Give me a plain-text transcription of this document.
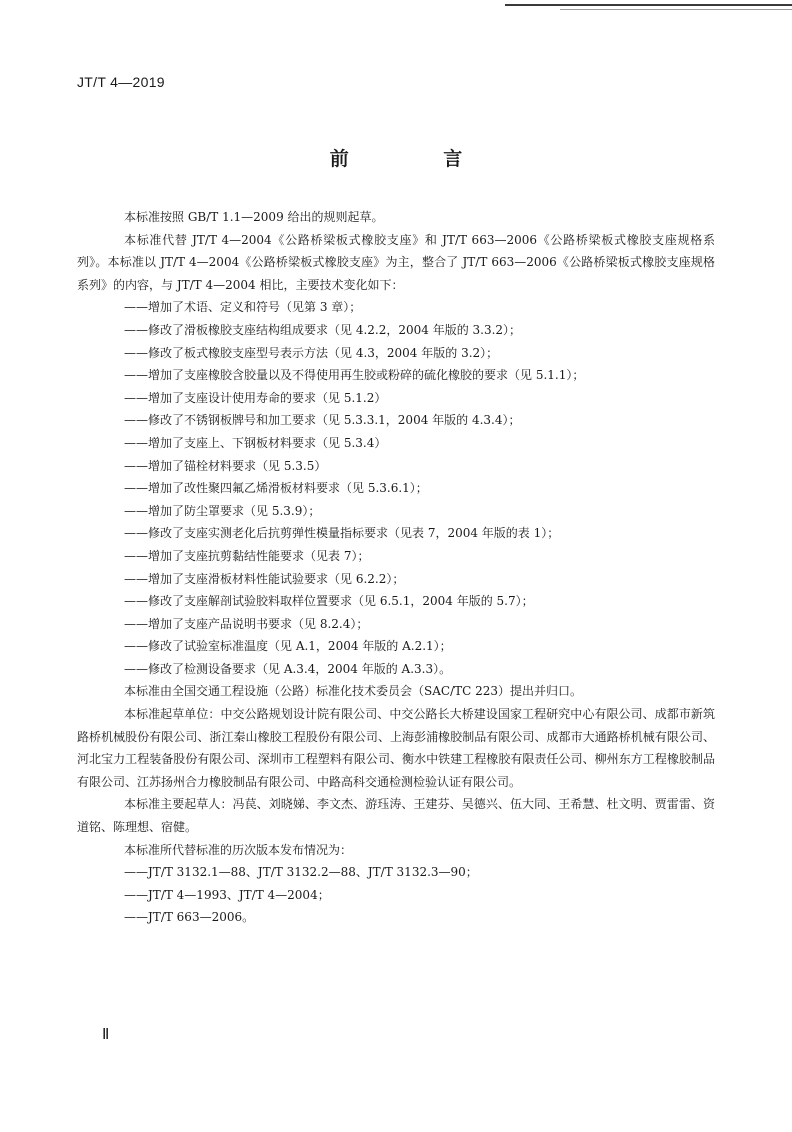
JT/T 4—2019
前 言
本标准按照 GB/T 1.1—2009 给出的规则起草。
本标准代替 JT/T 4—2004《公路桥梁板式橡胶支座》和 JT/T 663—2006《公路桥梁板式橡胶支座规格系列》。本标准以 JT/T 4—2004《公路桥梁板式橡胶支座》为主，整合了 JT/T 663—2006《公路桥梁板式橡胶支座规格系列》的内容，与 JT/T 4—2004 相比，主要技术变化如下：
——增加了术语、定义和符号（见第 3 章）；
——修改了滑板橡胶支座结构组成要求（见 4.2.2，2004 年版的 3.3.2）；
——修改了板式橡胶支座型号表示方法（见 4.3，2004 年版的 3.2）；
——增加了支座橡胶含胶量以及不得使用再生胶或粉碎的硫化橡胶的要求（见 5.1.1）；
——增加了支座设计使用寿命的要求（见 5.1.2）
——修改了不锈钢板牌号和加工要求（见 5.3.3.1，2004 年版的 4.3.4）；
——增加了支座上、下钢板材料要求（见 5.3.4）
——增加了锚栓材料要求（见 5.3.5）
——增加了改性聚四氟乙烯滑板材料要求（见 5.3.6.1）；
——增加了防尘罩要求（见 5.3.9）；
——修改了支座实测老化后抗剪弹性模量指标要求（见表 7，2004 年版的表 1）；
——增加了支座抗剪黏结性能要求（见表 7）；
——增加了支座滑板材料性能试验要求（见 6.2.2）；
——修改了支座解剖试验胶料取样位置要求（见 6.5.1，2004 年版的 5.7）；
——增加了支座产品说明书要求（见 8.2.4）；
——修改了试验室标准温度（见 A.1，2004 年版的 A.2.1）；
——修改了检测设备要求（见 A.3.4，2004 年版的 A.3.3）。
本标准由全国交通工程设施（公路）标准化技术委员会（SAC/TC 223）提出并归口。
本标准起草单位：中交公路规划设计院有限公司、中交公路长大桥建设国家工程研究中心有限公司、成都市新筑路桥机械股份有限公司、浙江秦山橡胶工程股份有限公司、上海彭浦橡胶制品有限公司、成都市大通路桥机械有限公司、河北宝力工程装备股份有限公司、深圳市工程塑料有限公司、衡水中铁建工程橡胶有限责任公司、柳州东方工程橡胶制品有限公司、江苏扬州合力橡胶制品有限公司、中路高科交通检测检验认证有限公司。
本标准主要起草人：冯苠、刘晓娣、李文杰、游珏涛、王建芬、吴德兴、伍大同、王希慧、杜文明、贾雷雷、资道铭、陈理想、宿健。
本标准所代替标准的历次版本发布情况为：
——JT/T 3132.1—88、JT/T 3132.2—88、JT/T 3132.3—90；
——JT/T 4—1993、JT/T 4—2004；
——JT/T 663—2006。
Ⅱ
